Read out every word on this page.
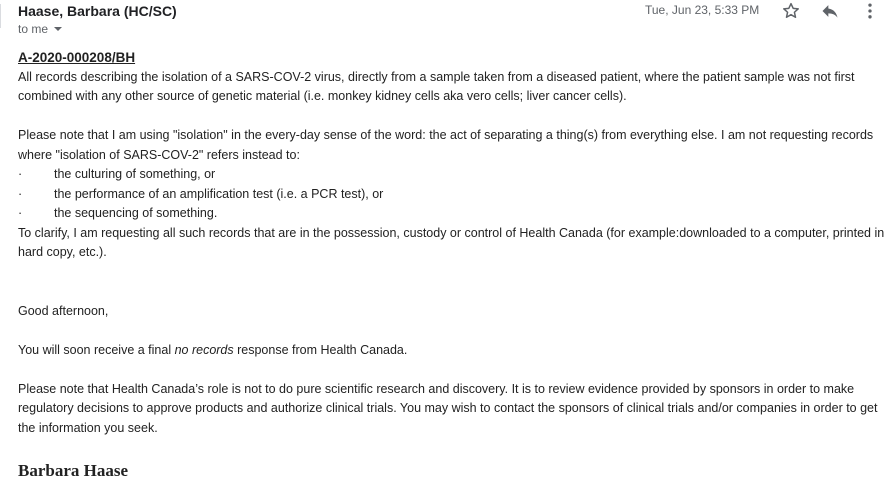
Haase, Barbara (HC/SC)
to me
Tue, Jun 23, 5:33 PM

A-2020-000208/BH

All records describing the isolation of a SARS-COV-2 virus, directly from a sample taken from a diseased patient, where the patient sample was not first combined with any other source of genetic material (i.e. monkey kidney cells aka vero cells; liver cancer cells).

Please note that I am using "isolation" in the every-day sense of the word: the act of separating a thing(s) from everything else. I am not requesting records where "isolation of SARS-COV-2" refers instead to:

·	the culturing of something, or
·	the performance of an amplification test (i.e. a PCR test), or
·	the sequencing of something.

To clarify, I am requesting all such records that are in the possession, custody or control of Health Canada (for example:downloaded to a computer, printed in hard copy, etc.).

Good afternoon,

You will soon receive a final no records response from Health Canada.

Please note that Health Canada’s role is not to do pure scientific research and discovery. It is to review evidence provided by sponsors in order to make regulatory decisions to approve products and authorize clinical trials. You may wish to contact the sponsors of clinical trials and/or companies in order to get the information you seek.

Barbara Haase
